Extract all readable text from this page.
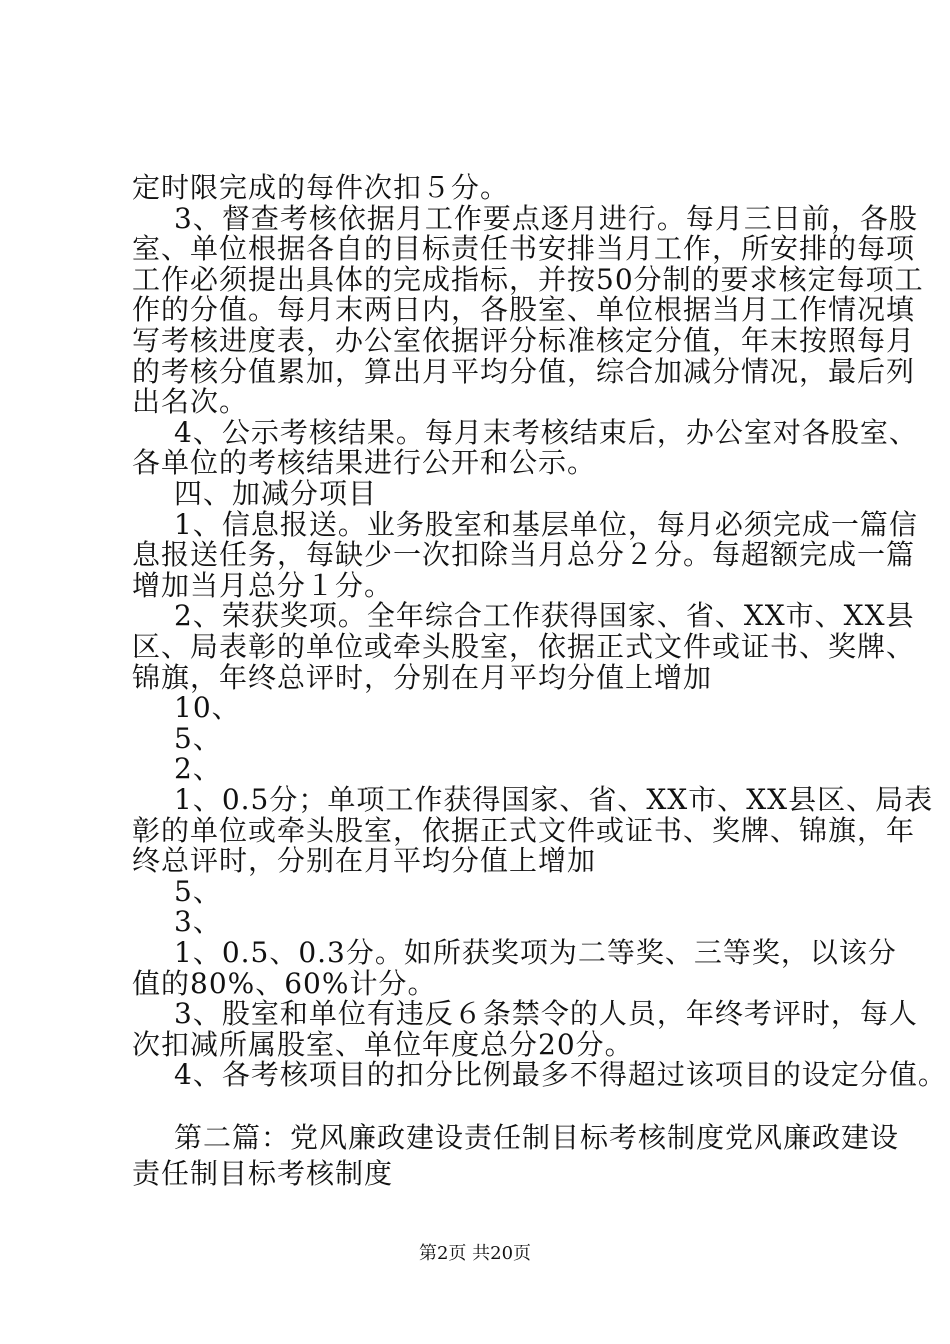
定时限完成的每件次扣５分。
3、督查考核依据月工作要点逐月进行。每月三日前，各股
室、单位根据各自的目标责任书安排当月工作，所安排的每项
工作必须提出具体的完成指标，并按50分制的要求核定每项工
作的分值。每月末两日内，各股室、单位根据当月工作情况填
写考核进度表，办公室依据评分标准核定分值，年末按照每月
的考核分值累加，算出月平均分值，综合加减分情况，最后列
出名次。
4、公示考核结果。每月末考核结束后，办公室对各股室、
各单位的考核结果进行公开和公示。
四、加减分项目
1、信息报送。业务股室和基层单位，每月必须完成一篇信
息报送任务，每缺少一次扣除当月总分２分。每超额完成一篇
增加当月总分１分。
2、荣获奖项。全年综合工作获得国家、省、XX市、XX县
区、局表彰的单位或牵头股室，依据正式文件或证书、奖牌、
锦旗，年终总评时，分别在月平均分值上增加
10、
5、
2、
1、0.5分；单项工作获得国家、省、XX市、XX县区、局表
彰的单位或牵头股室，依据正式文件或证书、奖牌、锦旗，年
终总评时，分别在月平均分值上增加
5、
3、
1、0.5、0.3分。如所获奖项为二等奖、三等奖，以该分
值的80%、60%计分。
3、股室和单位有违反６条禁令的人员，年终考评时，每人
次扣减所属股室、单位年度总分20分。
4、各考核项目的扣分比例最多不得超过该项目的设定分值。
第二篇：党风廉政建设责任制目标考核制度党风廉政建设
责任制目标考核制度
第2页 共20页
